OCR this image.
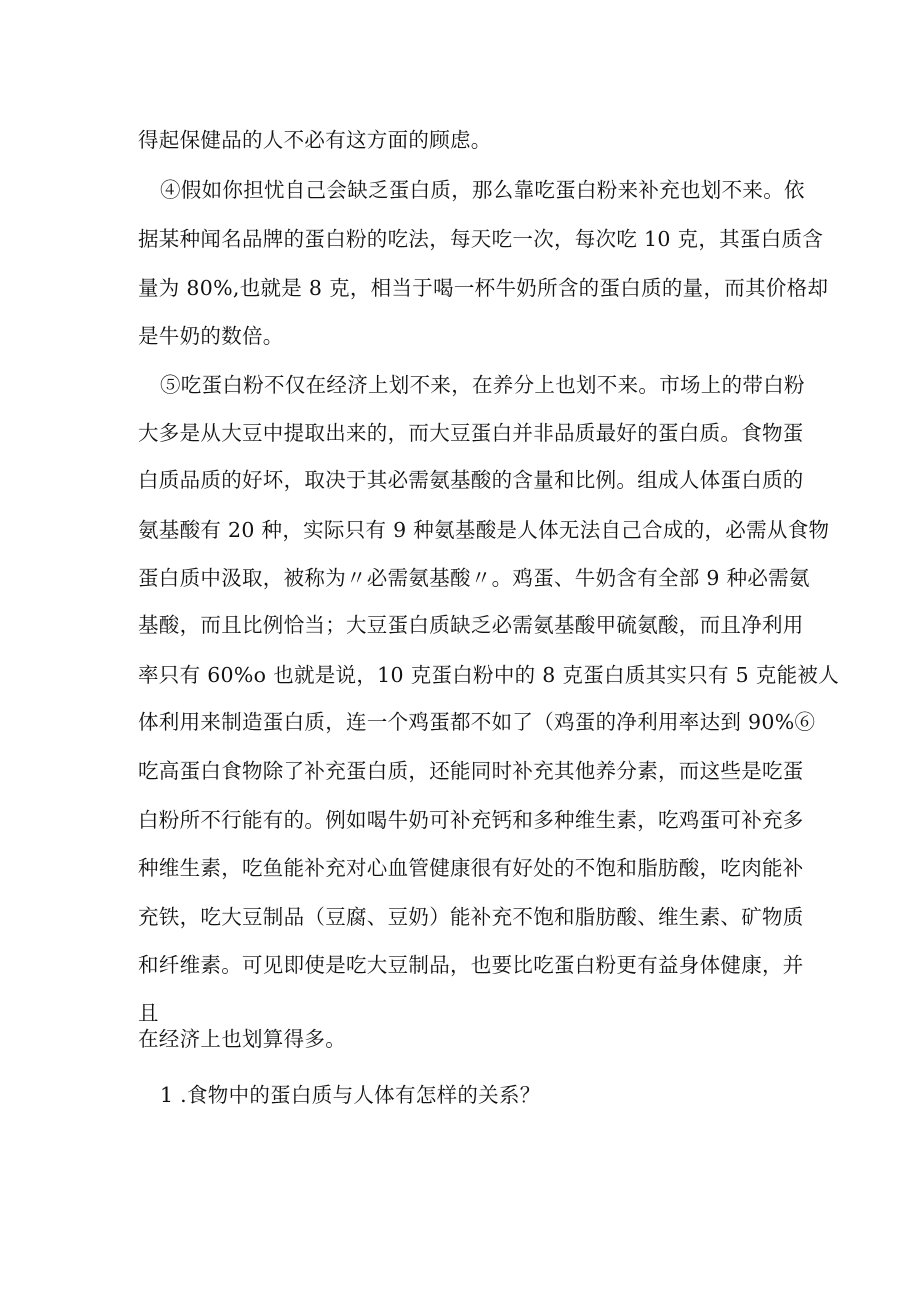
得起保健品的人不必有这方面的顾虑。
④假如你担忧自己会缺乏蛋白质，那么靠吃蛋白粉来补充也划不来。依
据某种闻名品牌的蛋白粉的吃法，每天吃一次，每次吃 10 克，其蛋白质含
量为 80%,也就是 8 克，相当于喝一杯牛奶所含的蛋白质的量，而其价格却
是牛奶的数倍。
⑤吃蛋白粉不仅在经济上划不来，在养分上也划不来。市场上的带白粉
大多是从大豆中提取出来的，而大豆蛋白并非品质最好的蛋白质。食物蛋
白质品质的好坏，取决于其必需氨基酸的含量和比例。组成人体蛋白质的
氨基酸有 20 种，实际只有 9 种氨基酸是人体无法自己合成的，必需从食物
蛋白质中汲取，被称为〃必需氨基酸〃。鸡蛋、牛奶含有全部 9 种必需氨
基酸，而且比例恰当；大豆蛋白质缺乏必需氨基酸甲硫氨酸，而且净利用
率只有 60%o 也就是说，10 克蛋白粉中的 8 克蛋白质其实只有 5 克能被人
体利用来制造蛋白质，连一个鸡蛋都不如了（鸡蛋的净利用率达到 90%⑥
吃高蛋白食物除了补充蛋白质，还能同时补充其他养分素，而这些是吃蛋
白粉所不行能有的。例如喝牛奶可补充钙和多种维生素，吃鸡蛋可补充多
种维生素，吃鱼能补充对心血管健康很有好处的不饱和脂肪酸，吃肉能补
充铁，吃大豆制品（豆腐、豆奶）能补充不饱和脂肪酸、维生素、矿物质
和纤维素。可见即使是吃大豆制品，也要比吃蛋白粉更有益身体健康，并
且
在经济上也划算得多。
1 .食物中的蛋白质与人体有怎样的关系？
